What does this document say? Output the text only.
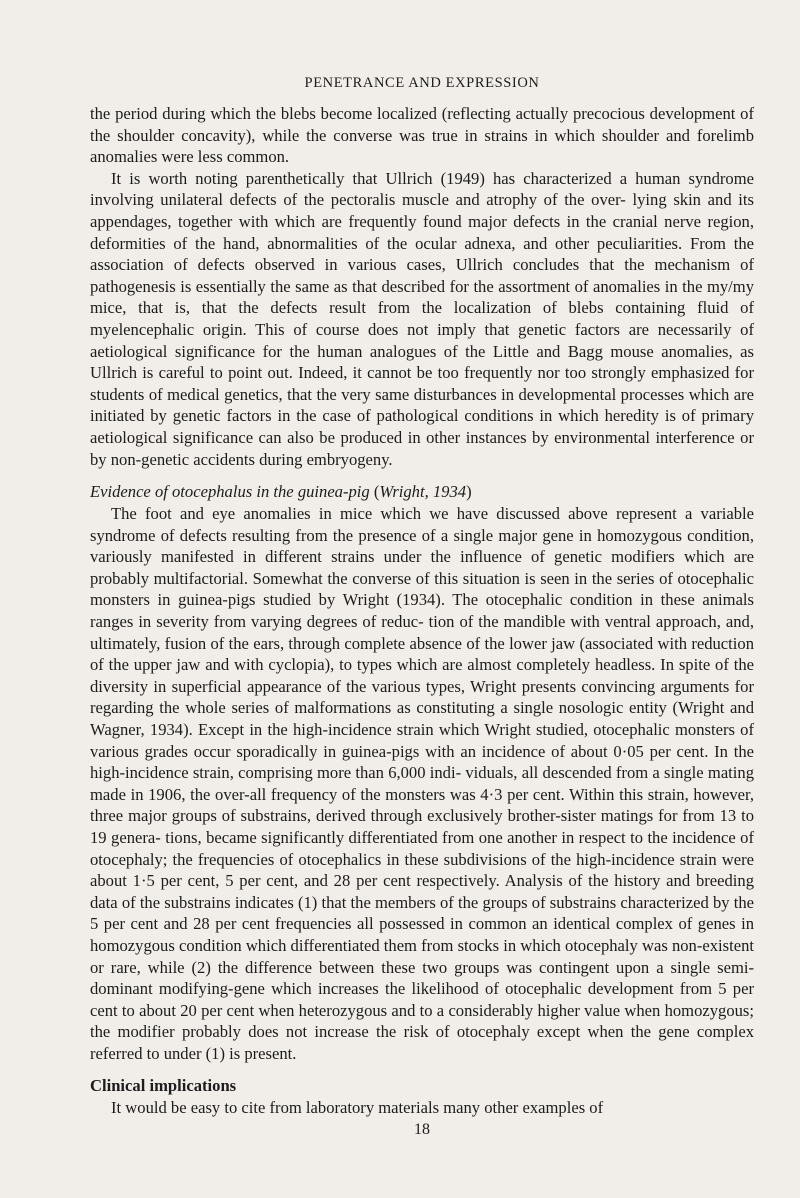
PENETRANCE AND EXPRESSION

the period during which the blebs become localized (reflecting actually precocious development of the shoulder concavity), while the converse was true in strains in which shoulder and forelimb anomalies were less common.

It is worth noting parenthetically that Ullrich (1949) has characterized a human syndrome involving unilateral defects of the pectoralis muscle and atrophy of the over- lying skin and its appendages, together with which are frequently found major defects in the cranial nerve region, deformities of the hand, abnormalities of the ocular adnexa, and other peculiarities. From the association of defects observed in various cases, Ullrich concludes that the mechanism of pathogenesis is essentially the same as that described for the assortment of anomalies in the my/my mice, that is, that the defects result from the localization of blebs containing fluid of myelencephalic origin. This of course does not imply that genetic factors are necessarily of aetiological significance for the human analogues of the Little and Bagg mouse anomalies, as Ullrich is careful to point out. Indeed, it cannot be too frequently nor too strongly emphasized for students of medical genetics, that the very same disturbances in developmental processes which are initiated by genetic factors in the case of pathological conditions in which heredity is of primary aetiological significance can also be produced in other instances by environmental interference or by non-genetic accidents during embryogeny.

Evidence of otocephalus in the guinea-pig (Wright, 1934)

The foot and eye anomalies in mice which we have discussed above represent a variable syndrome of defects resulting from the presence of a single major gene in homozygous condition, variously manifested in different strains under the influence of genetic modifiers which are probably multifactorial. Somewhat the converse of this situation is seen in the series of otocephalic monsters in guinea-pigs studied by Wright (1934). The otocephalic condition in these animals ranges in severity from varying degrees of reduc- tion of the mandible with ventral approach, and, ultimately, fusion of the ears, through complete absence of the lower jaw (associated with reduction of the upper jaw and with cyclopia), to types which are almost completely headless. In spite of the diversity in superficial appearance of the various types, Wright presents convincing arguments for regarding the whole series of malformations as constituting a single nosologic entity (Wright and Wagner, 1934). Except in the high-incidence strain which Wright studied, otocephalic monsters of various grades occur sporadically in guinea-pigs with an incidence of about 0·05 per cent. In the high-incidence strain, comprising more than 6,000 indi- viduals, all descended from a single mating made in 1906, the over-all frequency of the monsters was 4·3 per cent. Within this strain, however, three major groups of substrains, derived through exclusively brother-sister matings for from 13 to 19 genera- tions, became significantly differentiated from one another in respect to the incidence of otocephaly; the frequencies of otocephalics in these subdivisions of the high-incidence strain were about 1·5 per cent, 5 per cent, and 28 per cent respectively. Analysis of the history and breeding data of the substrains indicates (1) that the members of the groups of substrains characterized by the 5 per cent and 28 per cent frequencies all possessed in common an identical complex of genes in homozygous condition which differentiated them from stocks in which otocephaly was non-existent or rare, while (2) the difference between these two groups was contingent upon a single semi-dominant modifying-gene which increases the likelihood of otocephalic development from 5 per cent to about 20 per cent when heterozygous and to a considerably higher value when homozygous; the modifier probably does not increase the risk of otocephaly except when the gene complex referred to under (1) is present.

Clinical implications

It would be easy to cite from laboratory materials many other examples of

18
